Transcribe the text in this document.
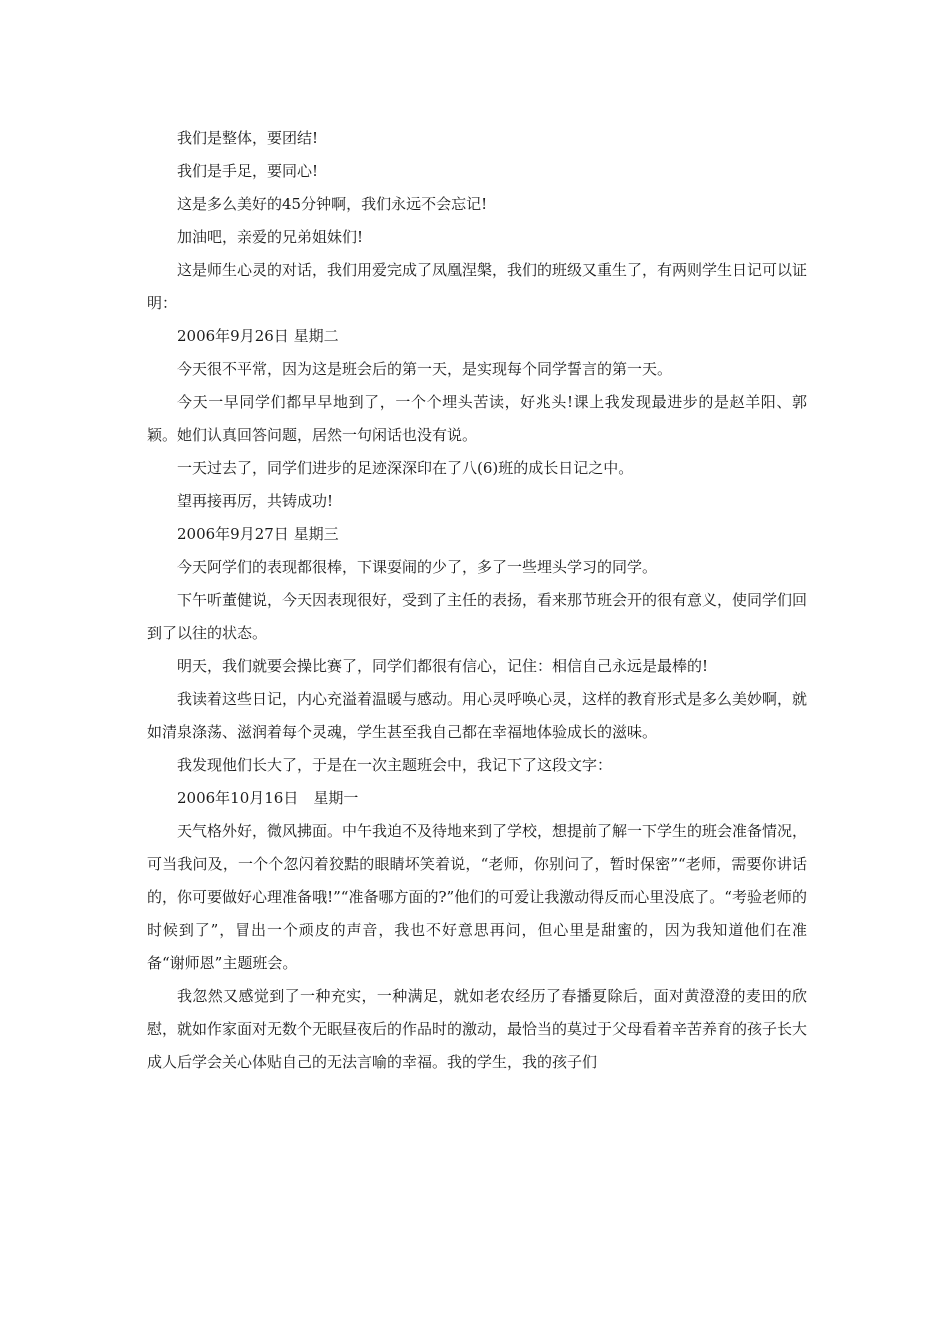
我们是整体，要团结!

我们是手足，要同心!

这是多么美好的45分钟啊，我们永远不会忘记!

加油吧，亲爱的兄弟姐妹们!

这是师生心灵的对话，我们用爱完成了凤凰涅槃，我们的班级又重生了，有两则学生日记可以证明：

2006年9月26日 星期二

今天很不平常，因为这是班会后的第一天，是实现每个同学誓言的第一天。

今天一早同学们都早早地到了，一个个埋头苦读，好兆头!课上我发现最进步的是赵羊阳、郭颖。她们认真回答问题，居然一句闲话也没有说。

一天过去了，同学们进步的足迹深深印在了八(6)班的成长日记之中。

望再接再厉，共铸成功!

2006年9月27日 星期三

今天阿学们的表现都很棒，下课耍闹的少了，多了一些埋头学习的同学。

下午听董健说，今天因表现很好，受到了主任的表扬，看来那节班会开的很有意义，使同学们回到了以往的状态。

明天，我们就要会操比赛了，同学们都很有信心，记住：相信自己永远是最棒的!

我读着这些日记，内心充溢着温暖与感动。用心灵呼唤心灵，这样的教育形式是多么美妙啊，就如清泉涤荡、滋润着每个灵魂，学生甚至我自己都在幸福地体验成长的滋味。

我发现他们长大了，于是在一次主题班会中，我记下了这段文字：

2006年10月16日　星期一

天气格外好，微风拂面。中午我迫不及待地来到了学校，想提前了解一下学生的班会准备情况，可当我问及，一个个忽闪着狡黠的眼睛坏笑着说，“老师，你别问了，暂时保密”“老师，需要你讲话的，你可要做好心理准备哦!”“准备哪方面的?”他们的可爱让我激动得反而心里没底了。“考验老师的时候到了”，冒出一个顽皮的声音，我也不好意思再问，但心里是甜蜜的，因为我知道他们在准备“谢师恩”主题班会。

我忽然又感觉到了一种充实，一种满足，就如老农经历了春播夏除后，面对黄澄澄的麦田的欣慰，就如作家面对无数个无眠昼夜后的作品时的激动，最恰当的莫过于父母看着辛苦养育的孩子长大成人后学会关心体贴自己的无法言喻的幸福。我的学生，我的孩子们
